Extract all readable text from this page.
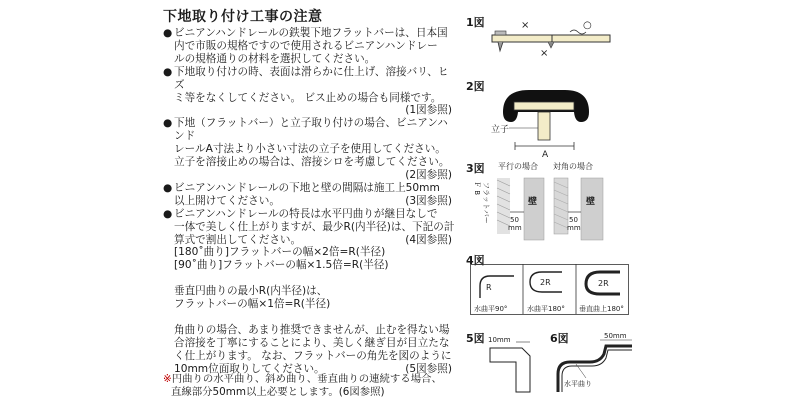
下地取り付け工事の注意
● ビニアンハンドレールの鉄製下地フラットバーは、日本国
内で市販の規格ですので使用されるビニアンハンドレー
ルの規格通りの材料を選択してください。
● 下地取り付けの時、表面は滑らかに仕上げ、溶接バリ、ヒズ
ミ等をなくしてください。 ビス止めの場合も同様です。
(1図参照)
● 下地（フラットバー）と立子取り付けの場合、ビニアンハンド
レールA寸法より小さい寸法の立子を使用してください。
立子を溶接止めの場合は、溶接シロを考慮してください。
(2図参照)
● ビニアンハンドレールの下地と壁の間隔は施工上50mm
以上開けてください。	(3図参照)
● ビニアンハンドレールの特長は水平円曲りが継目なしで
一体で美しく仕上がりますが、最少R(内半径)は、下記の計
算式で割出してください。	(4図参照)
[180˚曲り]フラットバーの幅×2倍=R(半径)
[90˚曲り]フラットバーの幅×1.5倍=R(半径)
垂直円曲りの最小R(内半径)は、
フラットバーの幅×1倍=R(半径)
角曲りの場合、あまり推奨できませんが、止むを得ない場
合溶接を丁寧にすることにより、美しく継ぎ目が目立たな
く仕上がります。 なお、フラットバーの角先を図のように
10mm位面取りしてください。	(5図参照)
※円曲りの水平曲り、斜め曲り、垂直曲りの連続する場合、
直線部分50mm以上必要とします。(6図参照)
1図	×
×
○
2図
立子
A
3図 平行の場合 対角の場合
Ｆ B フラットバー	壁
50
mm
壁
50
mm
4図
R
2R	2R
水曲平90°	水曲平180° 垂直曲上180°
5図 10mm	6図	50mm
水平曲り
